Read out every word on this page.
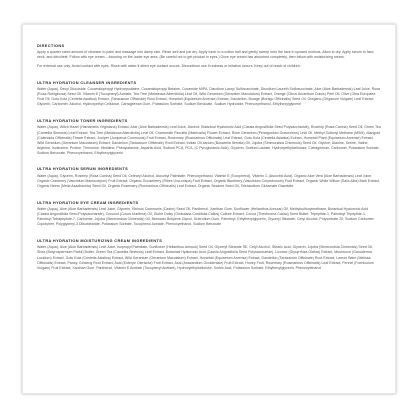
DIRECTIONS

Apply a quarter sized amount of cleanser to palm and massage into damp skin. Rinse well and pat dry. Apply toner to a cotton ball and gently sweep onto the face in upward motions. Allow to dry. Apply serum to face, neck, and décolleté. Follow with eye cream – focusing on the under eye area. (Be careful not to get product in eyes.) Once eye cream has absorbed completely, then follow with moisturizing cream.

For external use only. Avoid contact with eyes. Rinse with water if direct eye contact occurs. Discontinue use if redness or irritation occurs. Keep out of reach of children.

ULTRA HYDRATION CLEANSER INGREDIENTS

Water (Aqua), Decyl Glucoside, Cocamidopropyl Hydroxysultaine, Cocamidopropyl Betaine, Cocamide MIPA, Disodium Lauryl Sulfosuccinate, Disodium Laureth Sulfosuccinate, Aloe (Aloe Barbadensis) Leaf Juice, Rosa (Rosa Rubiginosa) Seed Oil, Vitamin E (Tocopheryl) Acetate, Tea Tree (Melaleuca Alternifolia) Leaf Oil, Wild Geranium (Geranium Maculatum) Extract, Orange (Citrus Aurantium Dulcis) Peel Oil, Olive (Olea Europaea Fruit Oil, Gotu Kola (Centella Asiatica) Extract, (Taraxacum Officinale) Root Extract, Horsetail (Equisetum Arvense) Extract, Dandelion, Borage (Borago Officinalis) Seed Oil, Oregano (Origanum Vulgare) Leaf Extract, Glycerin, Carbomer, Alcohol, Hydroxyethyl Cellulose, Carrageenan Gum, Potassium Sorbate, Sodium Benzoate, Sodium Hydroxide, Phenoxyethanol, Ethylhexylglycerin

ULTRA HYDRATION TONER INGREDIENTS

Water (Aqua), Witch Hazel (Hamamelis Virginiana) Extract, Aloe (Aloe Barbadensis) Leaf Juice, Alcohol, Botanical Hyaluronic Acid (Cassia Angustifolia Seed Polysaccharide), Rosehip (Rosa Canina) Seed Oil, Green Tea (Camellia Sinensis) Leaf Extract, Tea Tree (Melaleuca Alternifolia) Leaf Oil, Chamomile Recutita (Matricaria) Flower Extract, Rose Geranium (Pelargonium Graveolens) Leaf Oil, Methyl Sulfonyl Methane (MSM), Marigold (Calendula Officinalis) Flower Extract, Juniper (Juniperus Communis) Fruit Extract, Rosemary (Rosmarinus Officinalis) Leaf Extract, Gotu Kola (Centella Asiatica) Extract, Horsetail Plant (Equisetum Arvense) Extract, Wild Geranium (Geranium Maculatum) Extract, Dandelion (Taraxacum Officinale) Root Extract, Indian Oil-banum (Boswellia Serrata) Oil, Jojoba (Simmondsia Chinensis) Seed Oil, Glycine, Alanine, Serine, Valine, Arginine, Isoleucine, Proline, Threonine, Histidine, Phenylalanine, Aspartic Acid, Sodium PCA, PCA, (C Pyroglutamic Acid), Glycerin, Sodium Lactate, Hydroxyethylcellulose, Carrageenan, Carbomer, Potassium Sorbate, Sodium Benzoate, Phenoxyethanol, Ethylhexylglycerin

ULTRA HYDRATION SERUM INGREDIENTS

Water (Aqua), Glycerin, Rosehip (Rosa Canina) Seed Oil, Cetearyl Alcohol, Ascorbyl Palmitate, Phenoxyethanol, Vitamin E (Tocopherol), Vitamin C (Ascorbic Acid), Organic Aloe Vera (Aloe Barbadensis) Leaf Juice, Organic Cranberry (Vaccinium Macrocarpon) Fruit Extract, Organic Gooseberry (Ribes Uva-crispa) Fruit Extract, Organic Blueberry (Vaccinium Corymbosum) Fruit Extract, Organic White Willow (Salix Alba) Bark Extract, Organic Neem (Melia Azadirachta) Seed Oil, Organic Rosemary (Rosmarinus Officinalis) Leaf Extract, Organic Sesame Seed Oil, Tetrasodium Glutamate Diacetate

ULTRA HYDRATION EYE CREAM INGREDIENTS

Water (Aqua), Aloe (Aloe Barbadensis) Leaf Juice, Glycerin, Ricinus Communis (Castor) Seed Oil, Panthenol, Xanthan Gum, Sunflower (Helianthus Annuus) Oil, Methylsulfonylmethane, Botanical Hyaluronic Acid (Cassia Angustifolia Seed Polysaccharide), Coconut (Cocos Nucifera) Oil, Globe Daisy (Globularia Cordifolia Callus) Culture Extract, Cocoa (Theobroma Cacao) Seed Butter, Tripeptide-1, Palmitoyl Tripeptide-1, Palmitoyl Tetrapeptide-7, Carbomer, Jojoba (Simmondsia Chinensis) Oil, Beeswax Butylene Glycol, Sclerotium Gum, Palmitoyl, Ethylhexylglycerin, Glyceryl Stearate, Cetyl Alcohol, Polysorbate 20, Sodium Carbomer Copolymer, Polyglyceryl-3 Diisostearate, Potassium Sorbate, Tocopherol Acetate, Phenoxyethanol, Sodium Benzoate

ULTRA HYDRATION MOISTURIZING CREAM INGREDIENTS

Water (Aqua), Aloe (Aloe Barbadensis) Leaf Juice, Isopropyl Palmitate, Sunflower (Helianthus Annuus) Seed Oil, Glyceryl Stearate SE, Cetyl Alcohol, Stearic Acid, Glycerin, Jojoba (Simmondsia Chinensis) Seed Oil, Shea (Butyrospermum Parkii) Butter, Green Tea (Camellia Sinensis) Leaf Extract, Botanical Hyaluronic Acid (Cassia Angustifolia Seed Polysaccharide), Licorice (Glycyrrhiza Glabra) Extract, Mushroom (Ganoderma Lucidum) Extract, Gotu Kola (Centella Asiatica) Extract, Wild Geranium (Geranium Maculatum) Extract, Horsetail (Equisetum Arvense) Extract, Dandelion (Taraxacum Officinale) Root Extract, Lemon Balm (Melissa Officinalis) Extract, Pansy, Ginseng Root Extract, Acai (Euterpe Oleracea) Fruit Extract, Acai (Anacardium Occidentale) Fruit Extract, Honey Fruit, Rosemary (Rosmarinus Officinalis) Leaf Extract, Fennel (Foeniculum Vulgare) Fruit Extract, Xanthan Gum, Panthenol, Vitamin E Acetate (Tocopheryl Acetate), Hydroxyethylcellulose, Sorbic Acid, Potassium Sorbate, Ethylhexylglycerin, Phenoxyethanol
